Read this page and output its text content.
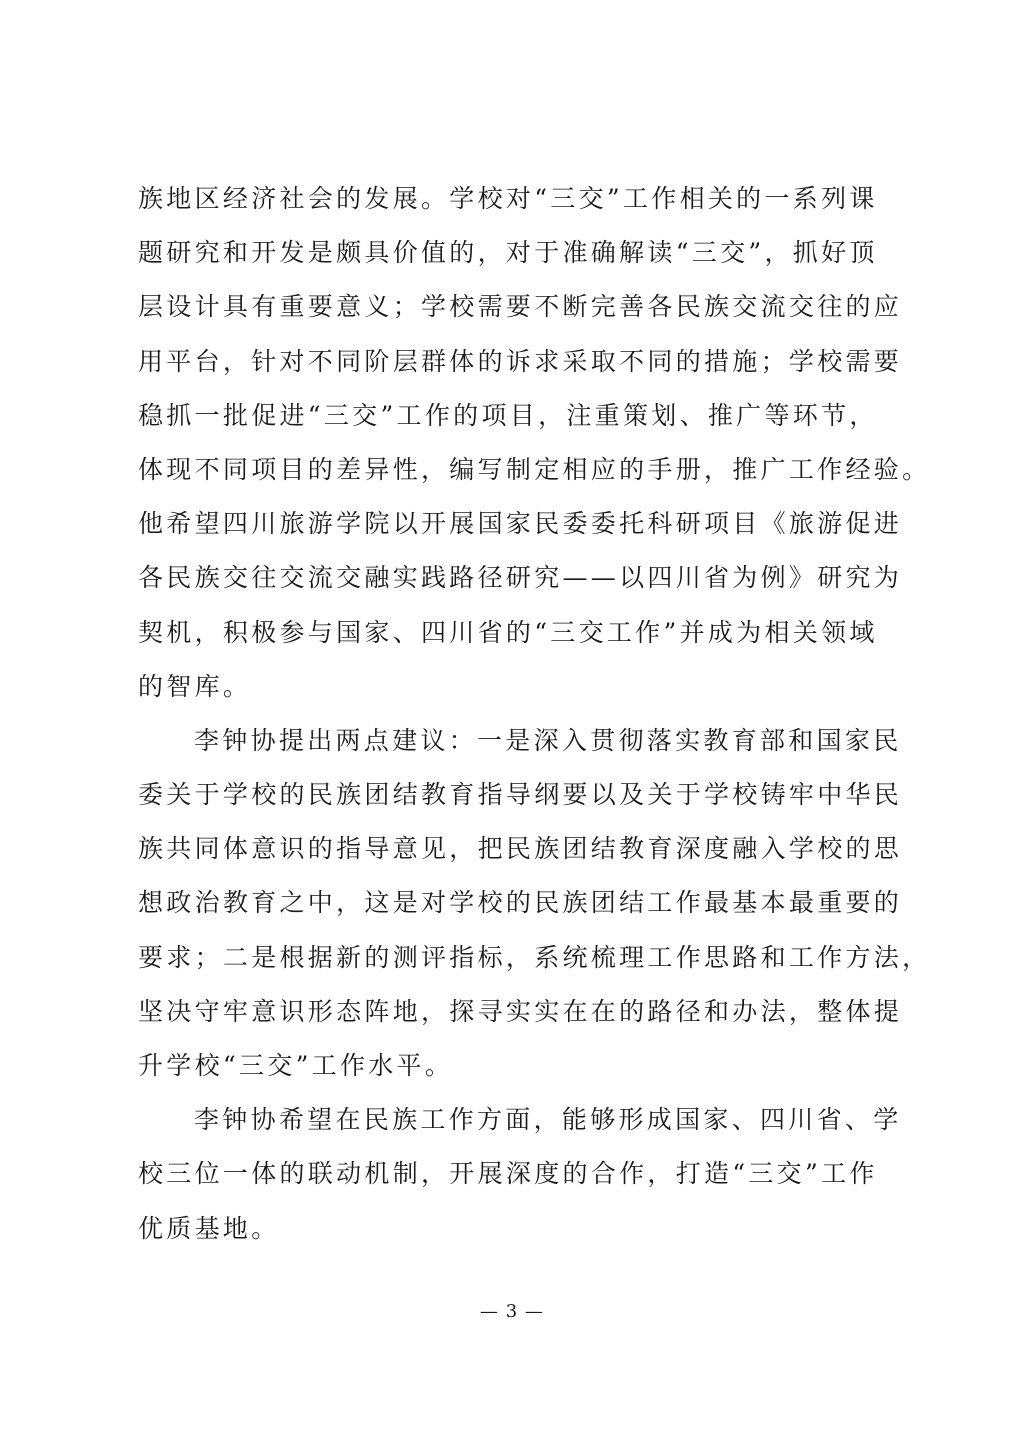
族地区经济社会的发展。学校对“三交”工作相关的一系列课
题研究和开发是颇具价值的，对于准确解读“三交”，抓好顶
层设计具有重要意义；学校需要不断完善各民族交流交往的应
用平台，针对不同阶层群体的诉求采取不同的措施；学校需要
稳抓一批促进“三交”工作的项目，注重策划、推广等环节，
体现不同项目的差异性，编写制定相应的手册，推广工作经验。
他希望四川旅游学院以开展国家民委委托科研项目《旅游促进
各民族交往交流交融实践路径研究——以四川省为例》研究为
契机，积极参与国家、四川省的“三交工作”并成为相关领域
的智库。
李钟协提出两点建议：一是深入贯彻落实教育部和国家民
委关于学校的民族团结教育指导纲要以及关于学校铸牢中华民
族共同体意识的指导意见，把民族团结教育深度融入学校的思
想政治教育之中，这是对学校的民族团结工作最基本最重要的
要求；二是根据新的测评指标，系统梳理工作思路和工作方法，
坚决守牢意识形态阵地，探寻实实在在的路径和办法，整体提
升学校“三交”工作水平。
李钟协希望在民族工作方面，能够形成国家、四川省、学
校三位一体的联动机制，开展深度的合作，打造“三交”工作
优质基地。
— 3 —
